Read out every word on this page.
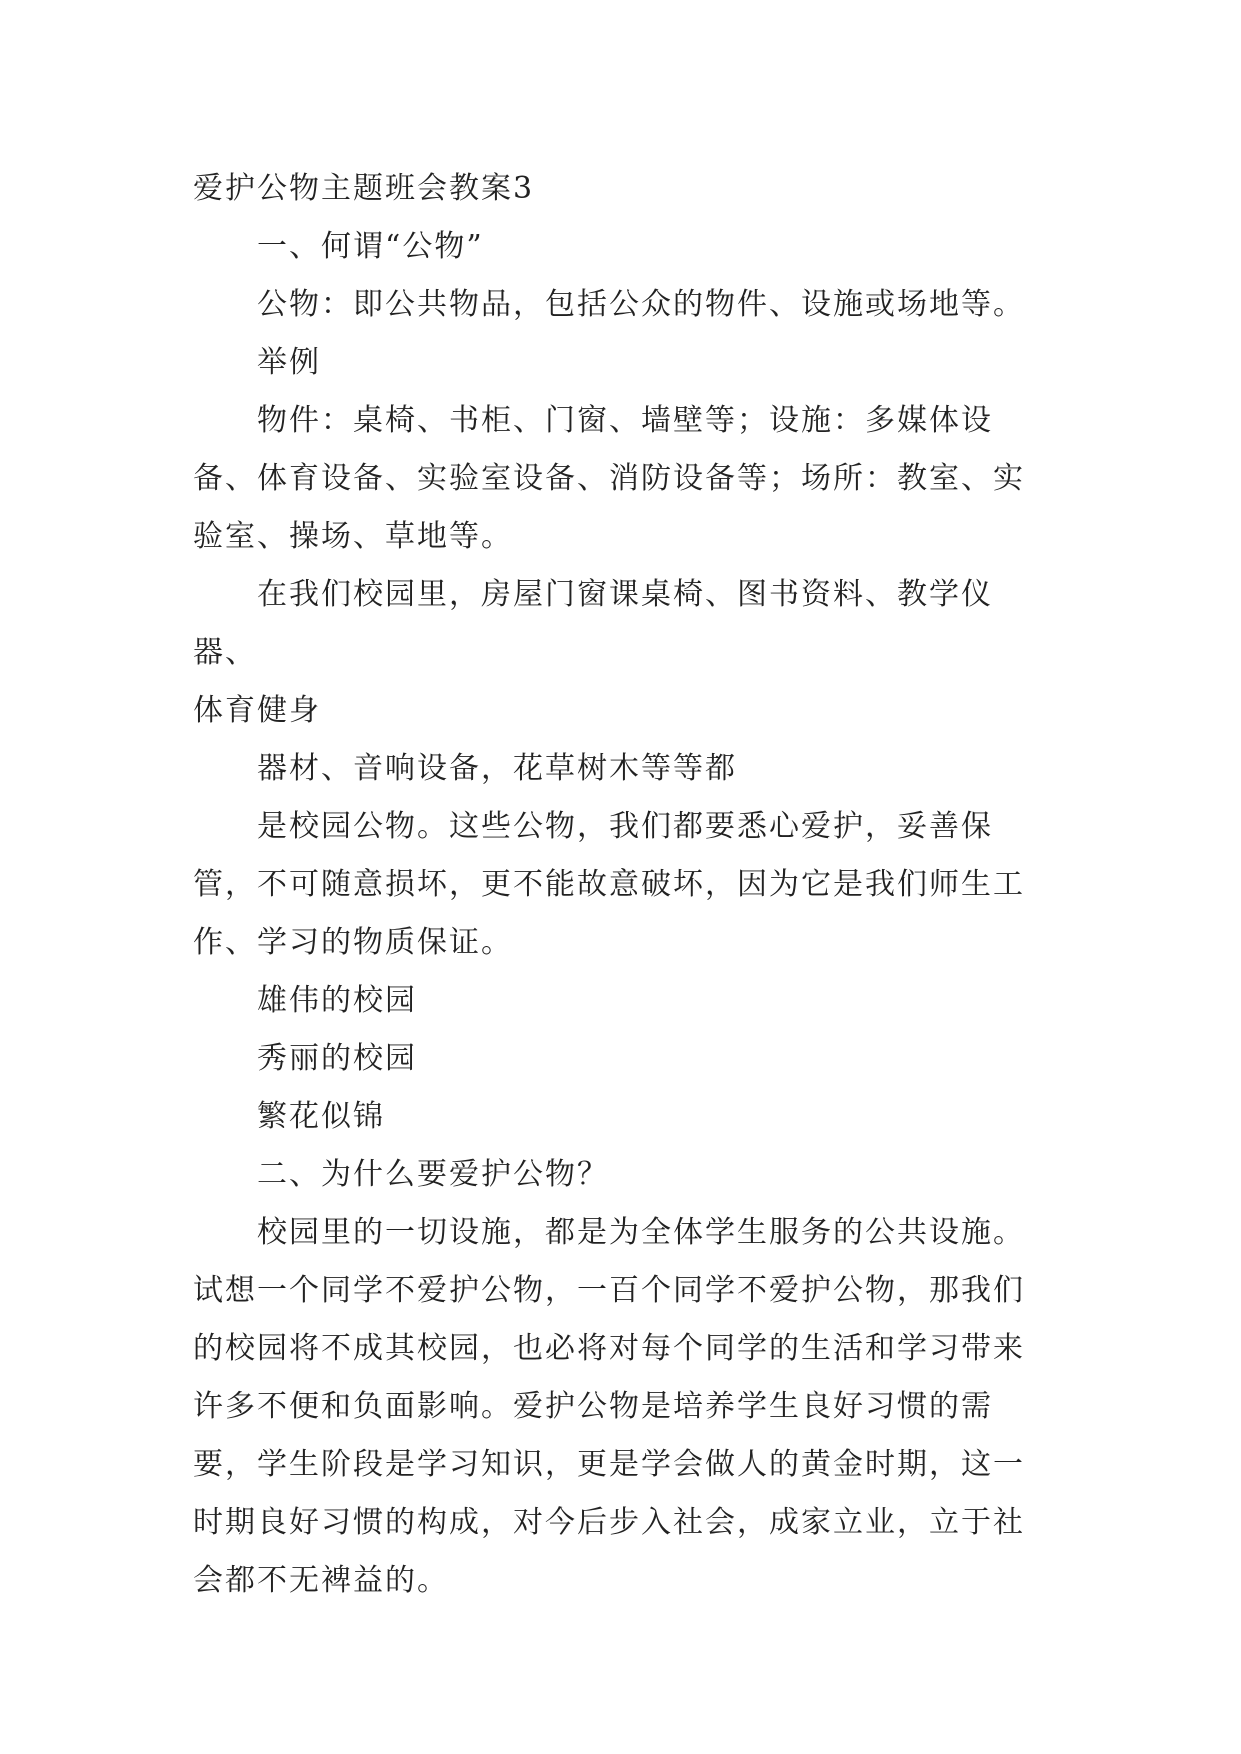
爱护公物主题班会教案3

一、何谓“公物”

公物：即公共物品，包括公众的物件、设施或场地等。

举例

物件：桌椅、书柜、门窗、墙壁等；设施：多媒体设备、体育设备、实验室设备、消防设备等；场所：教室、实验室、操场、草地等。

在我们校园里，房屋门窗课桌椅、图书资料、教学仪器、

体育健身

器材、音响设备，花草树木等等都

是校园公物。这些公物，我们都要悉心爱护，妥善保管，不可随意损坏，更不能故意破坏，因为它是我们师生工作、学习的物质保证。

雄伟的校园

秀丽的校园

繁花似锦

二、为什么要爱护公物？

校园里的一切设施，都是为全体学生服务的公共设施。试想一个同学不爱护公物，一百个同学不爱护公物，那我们的校园将不成其校园，也必将对每个同学的生活和学习带来许多不便和负面影响。爱护公物是培养学生良好习惯的需要，学生阶段是学习知识，更是学会做人的黄金时期，这一时期良好习惯的构成，对今后步入社会，成家立业，立于社会都不无裨益的。
